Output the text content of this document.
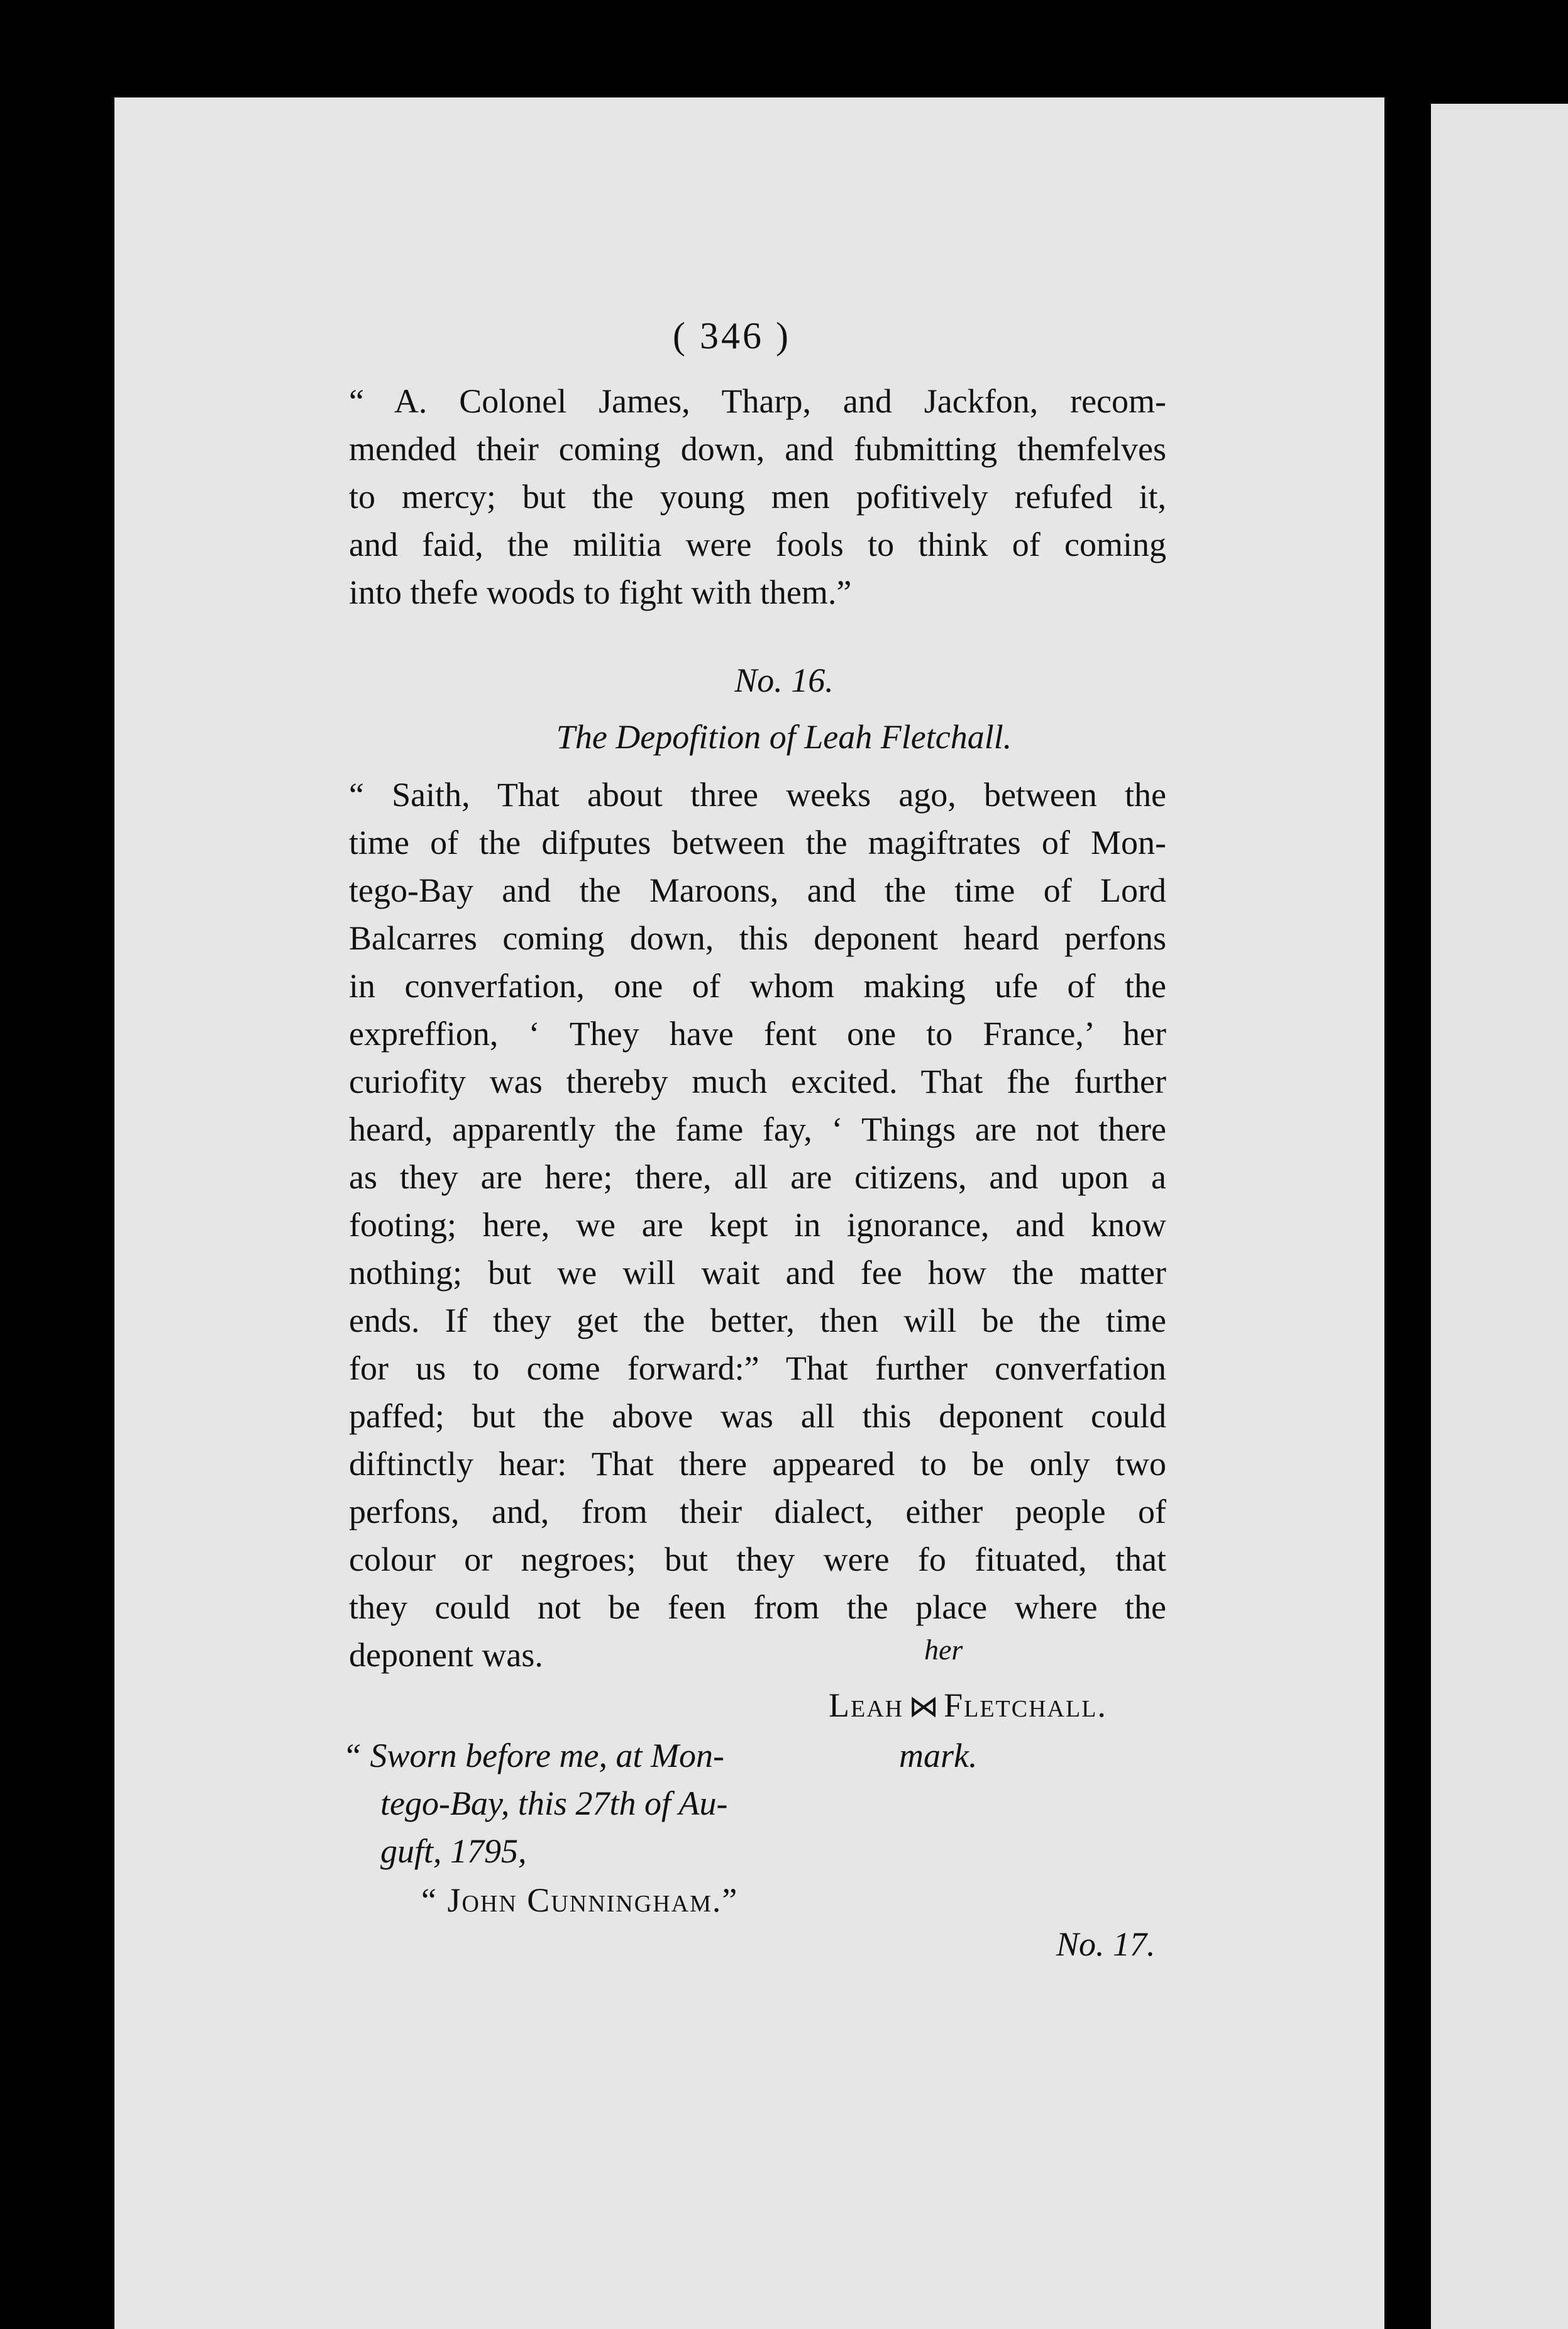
( 346 )
“ A. Colonel James, Tharp, and Jackfon, recom-
mended their coming down, and fubmitting themfelves
to mercy; but the young men pofitively refufed it,
and faid, the militia were fools to think of coming
into thefe woods to fight with them.”
No. 16.
The Depofition of Leah Fletchall.
“ Saith, That about three weeks ago, between the
time of the difputes between the magiftrates of Mon-
tego-Bay and the Maroons, and the time of Lord
Balcarres coming down, this deponent heard perfons
in converfation, one of whom making ufe of the
expreffion, ‘ They have fent one to France,’ her
curiofity was thereby much excited. That fhe further
heard, apparently the fame fay, ‘ Things are not there
as they are here; there, all are citizens, and upon a
footing; here, we are kept in ignorance, and know
nothing; but we will wait and fee how the matter
ends. If they get the better, then will be the time
for us to come forward:” That further converfation
paffed; but the above was all this deponent could
diftinctly hear: That there appeared to be only two
perfons, and, from their dialect, either people of
colour or negroes; but they were fo fituated, that
they could not be feen from the place where the
deponent was.	her
Leah ⋈ Fletchall.
mark.
“ Sworn before me, at Mon-
tego-Bay, this 27th of Au-
guft, 1795,
“ John Cunningham.”
No. 17.
